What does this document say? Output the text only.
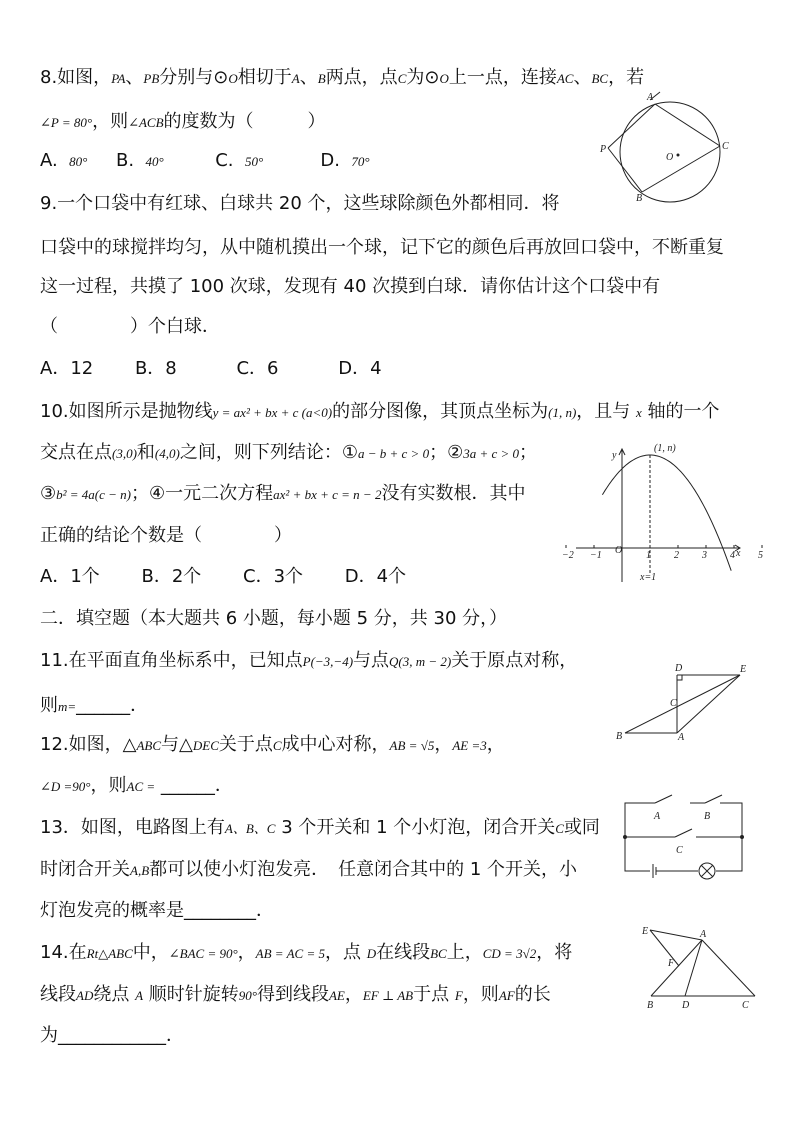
8.如图，PA、PB分别与⊙O相切于A、B两点，点C为⊙O上一点，连接AC、BC，若
∠P = 80°，则∠ACB的度数为（　　　）
A.  80°     B.  40°         C.  50°          D.  70°
9.一个口袋中有红球、白球共 20 个，这些球除颜色外都相同．将
口袋中的球搅拌均匀，从中随机摸出一个球，记下它的颜色后再放回口袋中，不断重复
这一过程，共摸了 100 次球，发现有 40 次摸到白球．请你估计这个口袋中有
（　　　　）个白球．
A．12　　 B．8　　　 C．6　　　 D．4
10.如图所示是抛物线y = ax² + bx + c (a<0)的部分图像，其顶点坐标为(1, n)，且与 x 轴的一个
交点在点(3,0)和(4,0)之间，则下列结论：①a − b + c > 0；②3a + c > 0；
③b² = 4a(c − n)；④一元二次方程ax² + bx + c = n − 2没有实数根．其中
正确的结论个数是（　　　　）
A．1个　　 B．2个　　 C．3个　　 D．4个
二．填空题（本大题共 6 小题，每小题 5 分，共 30 分，）
11.在平面直角坐标系中，已知点P(−3,−4)与点Q(3, m − 2)关于原点对称，
则m=______．
12.如图，△ABC与△DEC关于点C成中心对称，AB = √5，AE =3，
∠D =90°，则AC = ______．
13．如图，电路图上有A、B、C 3 个开关和 1 个小灯泡，闭合开关C或同
时闭合开关A,B都可以使小灯泡发亮．　任意闭合其中的 1 个开关，小
灯泡发亮的概率是________．
14.在Rt△ABC中，∠BAC = 90°，AB = AC = 5，点 D在线段BC上，CD = 3√2，将
线段AD绕点 A 顺时针旋转90°得到线段AE，EF ⊥ AB于点 F，则AF的长
为____________．
A
P	C
B
O
−2 −1	1 2 3 4 5
y
(1, n)
x
O
x=1
D	E
C
B	A
A	B
C
E	A
F
B	D	C
